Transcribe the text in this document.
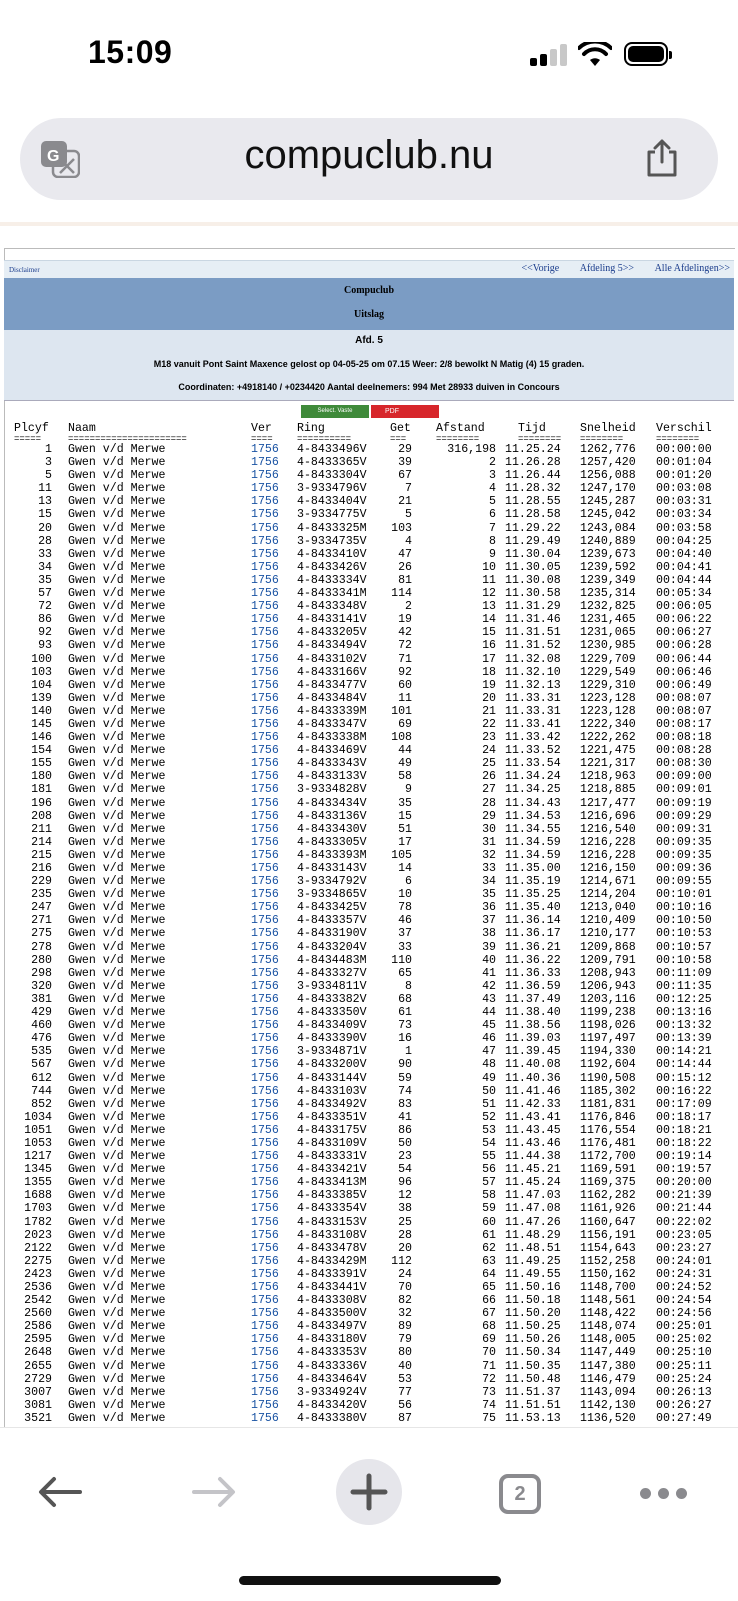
15:09
G	compuclub.nu
Disclaimer	<<Vorige Afdeling 5>> Alle Afdelingen>>
Compuclub
Uitslag
Afd. 5
M18 vanuit Pont Saint Maxence gelost op 04-05-25 om 07.15 Weer: 2/8 bewolkt N Matig (4) 15 graden.
Coordinaten: +4918140 / +0234420 Aantal deelnemers: 994 Met 28933 duiven in Concours
Select. Vaste	PDF
Plcyf	Naam	Ver Ring	Get Afstand	Tijd	Snelheid Verschil
=====	======================	====	==========	===	========	======== ========	========
1 Gwen v/d Merwe	1756 4-8433496V	29	316,198 11.25.24 1262,776 00:00:00
3 Gwen v/d Merwe	1756 4-8433365V	39	2 11.26.28 1257,420 00:01:04
5 Gwen v/d Merwe	1756 4-8433304V	67	3 11.26.44 1256,088 00:01:20
11 Gwen v/d Merwe	1756 3-9334796V	7	4 11.28.32 1247,170 00:03:08
13 Gwen v/d Merwe	1756 4-8433404V	21	5 11.28.55 1245,287 00:03:31
15 Gwen v/d Merwe	1756 3-9334775V	5	6 11.28.58 1245,042 00:03:34
20 Gwen v/d Merwe	1756 4-8433325M	103	7 11.29.22 1243,084 00:03:58
28 Gwen v/d Merwe	1756 3-9334735V	4	8 11.29.49 1240,889 00:04:25
33 Gwen v/d Merwe	1756 4-8433410V	47	9 11.30.04 1239,673 00:04:40
34 Gwen v/d Merwe	1756 4-8433426V	26	10 11.30.05 1239,592 00:04:41
35 Gwen v/d Merwe	1756 4-8433334V	81	11 11.30.08 1239,349 00:04:44
57 Gwen v/d Merwe	1756 4-8433341M	114	12 11.30.58 1235,314 00:05:34
72 Gwen v/d Merwe	1756 4-8433348V	2	13 11.31.29 1232,825 00:06:05
86 Gwen v/d Merwe	1756 4-8433141V	19	14 11.31.46 1231,465 00:06:22
92 Gwen v/d Merwe	1756 4-8433205V	42	15 11.31.51 1231,065 00:06:27
93 Gwen v/d Merwe	1756 4-8433494V	72	16 11.31.52 1230,985 00:06:28
100 Gwen v/d Merwe	1756 4-8433102V	71	17 11.32.08 1229,709 00:06:44
103 Gwen v/d Merwe	1756 4-8433166V	92	18 11.32.10 1229,549 00:06:46
104 Gwen v/d Merwe	1756 4-8433477V	60	19 11.32.13 1229,310 00:06:49
139 Gwen v/d Merwe	1756 4-8433484V	11	20 11.33.31 1223,128 00:08:07
140 Gwen v/d Merwe	1756 4-8433339M	101	21 11.33.31 1223,128 00:08:07
145 Gwen v/d Merwe	1756 4-8433347V	69	22 11.33.41 1222,340 00:08:17
146 Gwen v/d Merwe	1756 4-8433338M	108	23 11.33.42 1222,262 00:08:18
154 Gwen v/d Merwe	1756 4-8433469V	44	24 11.33.52 1221,475 00:08:28
155 Gwen v/d Merwe	1756 4-8433343V	49	25 11.33.54 1221,317 00:08:30
180 Gwen v/d Merwe	1756 4-8433133V	58	26 11.34.24 1218,963 00:09:00
181 Gwen v/d Merwe	1756 3-9334828V	9	27 11.34.25 1218,885 00:09:01
196 Gwen v/d Merwe	1756 4-8433434V	35	28 11.34.43 1217,477 00:09:19
208 Gwen v/d Merwe	1756 4-8433136V	15	29 11.34.53 1216,696 00:09:29
211 Gwen v/d Merwe	1756 4-8433430V	51	30 11.34.55 1216,540 00:09:31
214 Gwen v/d Merwe	1756 4-8433305V	17	31 11.34.59 1216,228 00:09:35
215 Gwen v/d Merwe	1756 4-8433393M	105	32 11.34.59 1216,228 00:09:35
216 Gwen v/d Merwe	1756 4-8433143V	14	33 11.35.00 1216,150 00:09:36
229 Gwen v/d Merwe	1756 3-9334792V	6	34 11.35.19 1214,671 00:09:55
235 Gwen v/d Merwe	1756 3-9334865V	10	35 11.35.25 1214,204 00:10:01
247 Gwen v/d Merwe	1756 4-8433425V	78	36 11.35.40 1213,040 00:10:16
271 Gwen v/d Merwe	1756 4-8433357V	46	37 11.36.14 1210,409 00:10:50
275 Gwen v/d Merwe	1756 4-8433190V	37	38 11.36.17 1210,177 00:10:53
278 Gwen v/d Merwe	1756 4-8433204V	33	39 11.36.21 1209,868 00:10:57
280 Gwen v/d Merwe	1756 4-8434483M	110	40 11.36.22 1209,791 00:10:58
298 Gwen v/d Merwe	1756 4-8433327V	65	41 11.36.33 1208,943 00:11:09
320 Gwen v/d Merwe	1756 3-9334811V	8	42 11.36.59 1206,943 00:11:35
381 Gwen v/d Merwe	1756 4-8433382V	68	43 11.37.49 1203,116 00:12:25
429 Gwen v/d Merwe	1756 4-8433350V	61	44 11.38.40 1199,238 00:13:16
460 Gwen v/d Merwe	1756 4-8433409V	73	45 11.38.56 1198,026 00:13:32
476 Gwen v/d Merwe	1756 4-8433390V	16	46 11.39.03 1197,497 00:13:39
535 Gwen v/d Merwe	1756 3-9334871V	1	47 11.39.45 1194,330 00:14:21
567 Gwen v/d Merwe	1756 4-8433200V	90	48 11.40.08 1192,604 00:14:44
612 Gwen v/d Merwe	1756 4-8433144V	59	49 11.40.36 1190,508 00:15:12
744 Gwen v/d Merwe	1756 4-8433103V	74	50 11.41.46 1185,302 00:16:22
852 Gwen v/d Merwe	1756 4-8433492V	83	51 11.42.33 1181,831 00:17:09
1034 Gwen v/d Merwe	1756 4-8433351V	41	52 11.43.41 1176,846 00:18:17
1051 Gwen v/d Merwe	1756 4-8433175V	86	53 11.43.45 1176,554 00:18:21
1053 Gwen v/d Merwe	1756 4-8433109V	50	54 11.43.46 1176,481 00:18:22
1217 Gwen v/d Merwe	1756 4-8433331V	23	55 11.44.38 1172,700 00:19:14
1345 Gwen v/d Merwe	1756 4-8433421V	54	56 11.45.21 1169,591 00:19:57
1355 Gwen v/d Merwe	1756 4-8433413M	96	57 11.45.24 1169,375 00:20:00
1688 Gwen v/d Merwe	1756 4-8433385V	12	58 11.47.03 1162,282 00:21:39
1703 Gwen v/d Merwe	1756 4-8433354V	38	59 11.47.08 1161,926 00:21:44
1782 Gwen v/d Merwe	1756 4-8433153V	25	60 11.47.26 1160,647 00:22:02
2023 Gwen v/d Merwe	1756 4-8433108V	28	61 11.48.29 1156,191 00:23:05
2122 Gwen v/d Merwe	1756 4-8433478V	20	62 11.48.51 1154,643 00:23:27
2275 Gwen v/d Merwe	1756 4-8433429M	112	63 11.49.25 1152,258 00:24:01
2423 Gwen v/d Merwe	1756 4-8433391V	24	64 11.49.55 1150,162 00:24:31
2536 Gwen v/d Merwe	1756 4-8433441V	70	65 11.50.16 1148,700 00:24:52
2542 Gwen v/d Merwe	1756 4-8433308V	82	66 11.50.18 1148,561 00:24:54
2560 Gwen v/d Merwe	1756 4-8433500V	32	67 11.50.20 1148,422 00:24:56
2586 Gwen v/d Merwe	1756 4-8433497V	89	68 11.50.25 1148,074 00:25:01
2595 Gwen v/d Merwe	1756 4-8433180V	79	69 11.50.26 1148,005 00:25:02
2648 Gwen v/d Merwe	1756 4-8433353V	80	70 11.50.34 1147,449 00:25:10
2655 Gwen v/d Merwe	1756 4-8433336V	40	71 11.50.35 1147,380 00:25:11
2729 Gwen v/d Merwe	1756 4-8433464V	53	72 11.50.48 1146,479 00:25:24
3007 Gwen v/d Merwe	1756 3-9334924V	77	73 11.51.37 1143,094 00:26:13
3081 Gwen v/d Merwe	1756 4-8433420V	56	74 11.51.51 1142,130 00:26:27
3521 Gwen v/d Merwe	1756 4-8433380V	87	75 11.53.13 1136,520 00:27:49
2
